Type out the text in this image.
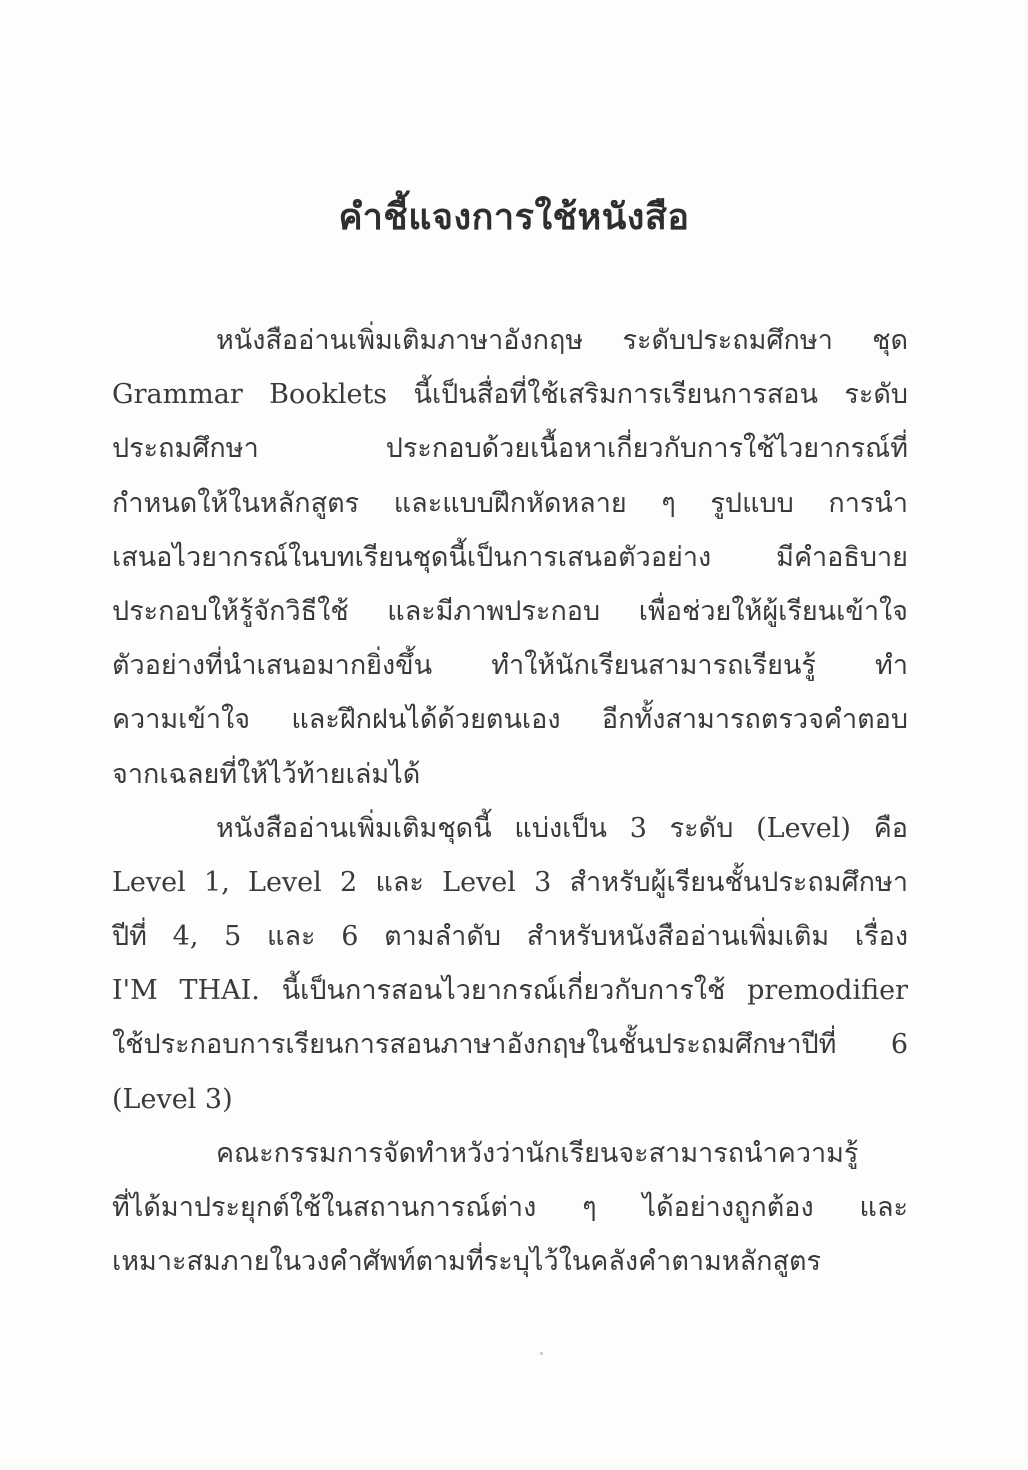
คำชี้แจงการใช้หนังสือ
หนังสืออ่านเพิ่มเติมภาษาอังกฤษ ระดับประถมศึกษา ชุด
Grammar Booklets นี้เป็นสื่อที่ใช้เสริมการเรียนการสอน ระดับ
ประถมศึกษา ประกอบด้วยเนื้อหาเกี่ยวกับการใช้ไวยากรณ์ที่
กำหนดให้ในหลักสูตร และแบบฝึกหัดหลาย ๆ รูปแบบ การนำ
เสนอไวยากรณ์ในบทเรียนชุดนี้เป็นการเสนอตัวอย่าง มีคำอธิบาย
ประกอบให้รู้จักวิธีใช้ และมีภาพประกอบ เพื่อช่วยให้ผู้เรียนเข้าใจ
ตัวอย่างที่นำเสนอมากยิ่งขึ้น ทำให้นักเรียนสามารถเรียนรู้ ทำ
ความเข้าใจ และฝึกฝนได้ด้วยตนเอง อีกทั้งสามารถตรวจคำตอบ
จากเฉลยที่ให้ไว้ท้ายเล่มได้
หนังสืออ่านเพิ่มเติมชุดนี้ แบ่งเป็น 3 ระดับ (Level) คือ
Level 1, Level 2 และ Level 3 สำหรับผู้เรียนชั้นประถมศึกษา
ปีที่ 4, 5 และ 6 ตามลำดับ สำหรับหนังสืออ่านเพิ่มเติม เรื่อง
I'M THAI. นี้เป็นการสอนไวยากรณ์เกี่ยวกับการใช้ premodifier
ใช้ประกอบการเรียนการสอนภาษาอังกฤษในชั้นประถมศึกษาปีที่ 6
(Level 3)
คณะกรรมการจัดทำหวังว่านักเรียนจะสามารถนำความรู้
ที่ได้มาประยุกต์ใช้ในสถานการณ์ต่าง ๆ ได้อย่างถูกต้อง และ
เหมาะสมภายในวงคำศัพท์ตามที่ระบุไว้ในคลังคำตามหลักสูตร
